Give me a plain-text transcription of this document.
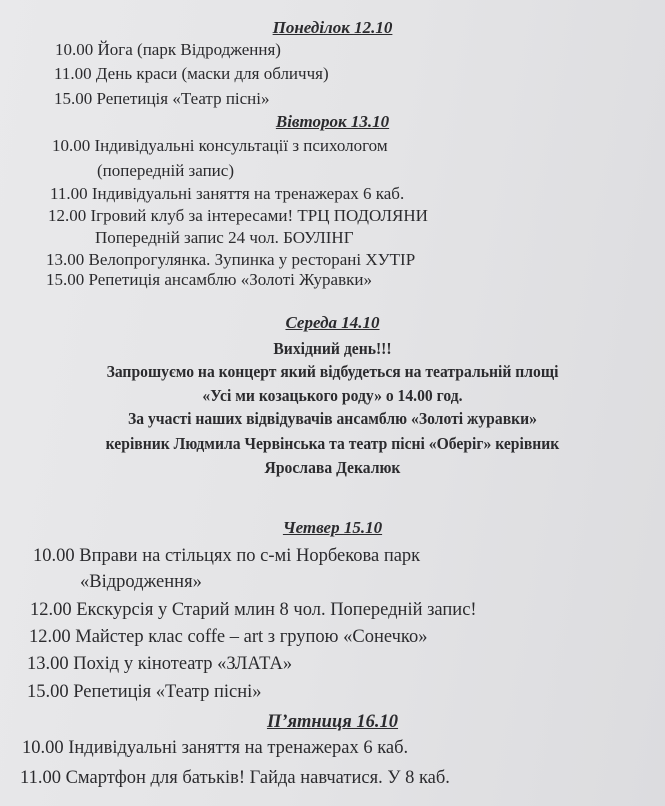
Понеділок 12.10
10.00 Йога (парк Відродження)
11.00 День краси (маски для обличчя)
15.00 Репетиція «Театр пісні»
Вівторок 13.10
10.00 Індивідуальні консультації з психологом
(попередній запис)
11.00 Індивідуальні заняття на тренажерах 6 каб.
12.00 Ігровий клуб за інтересами! ТРЦ ПОДОЛЯНИ
Попередній запис 24 чол. БОУЛІНГ
13.00 Велопрогулянка. Зупинка у ресторані ХУТІР
15.00 Репетиція ансамблю «Золоті Журавки»
Середа 14.10
Вихідний день!!!
Запрошуємо на концерт який відбудеться на театральній площі
«Усі ми козацького роду» о 14.00 год.
За участі наших відвідувачів ансамблю «Золоті журавки»
керівник Людмила Червінська та театр пісні «Оберіг» керівник
Ярослава Декалюк
Четвер 15.10
10.00 Вправи на стільцях по с-мі Норбекова парк
«Відродження»
12.00 Екскурсія у Старий млин 8 чол. Попередній запис!
12.00 Майстер клас coffe – art з групою «Сонечко»
13.00 Похід у кінотеатр «ЗЛАТА»
15.00 Репетиція «Театр пісні»
П’ятниця 16.10
10.00 Індивідуальні заняття на тренажерах 6 каб.
11.00 Смартфон для батьків! Гайда навчатися. У 8 каб.
